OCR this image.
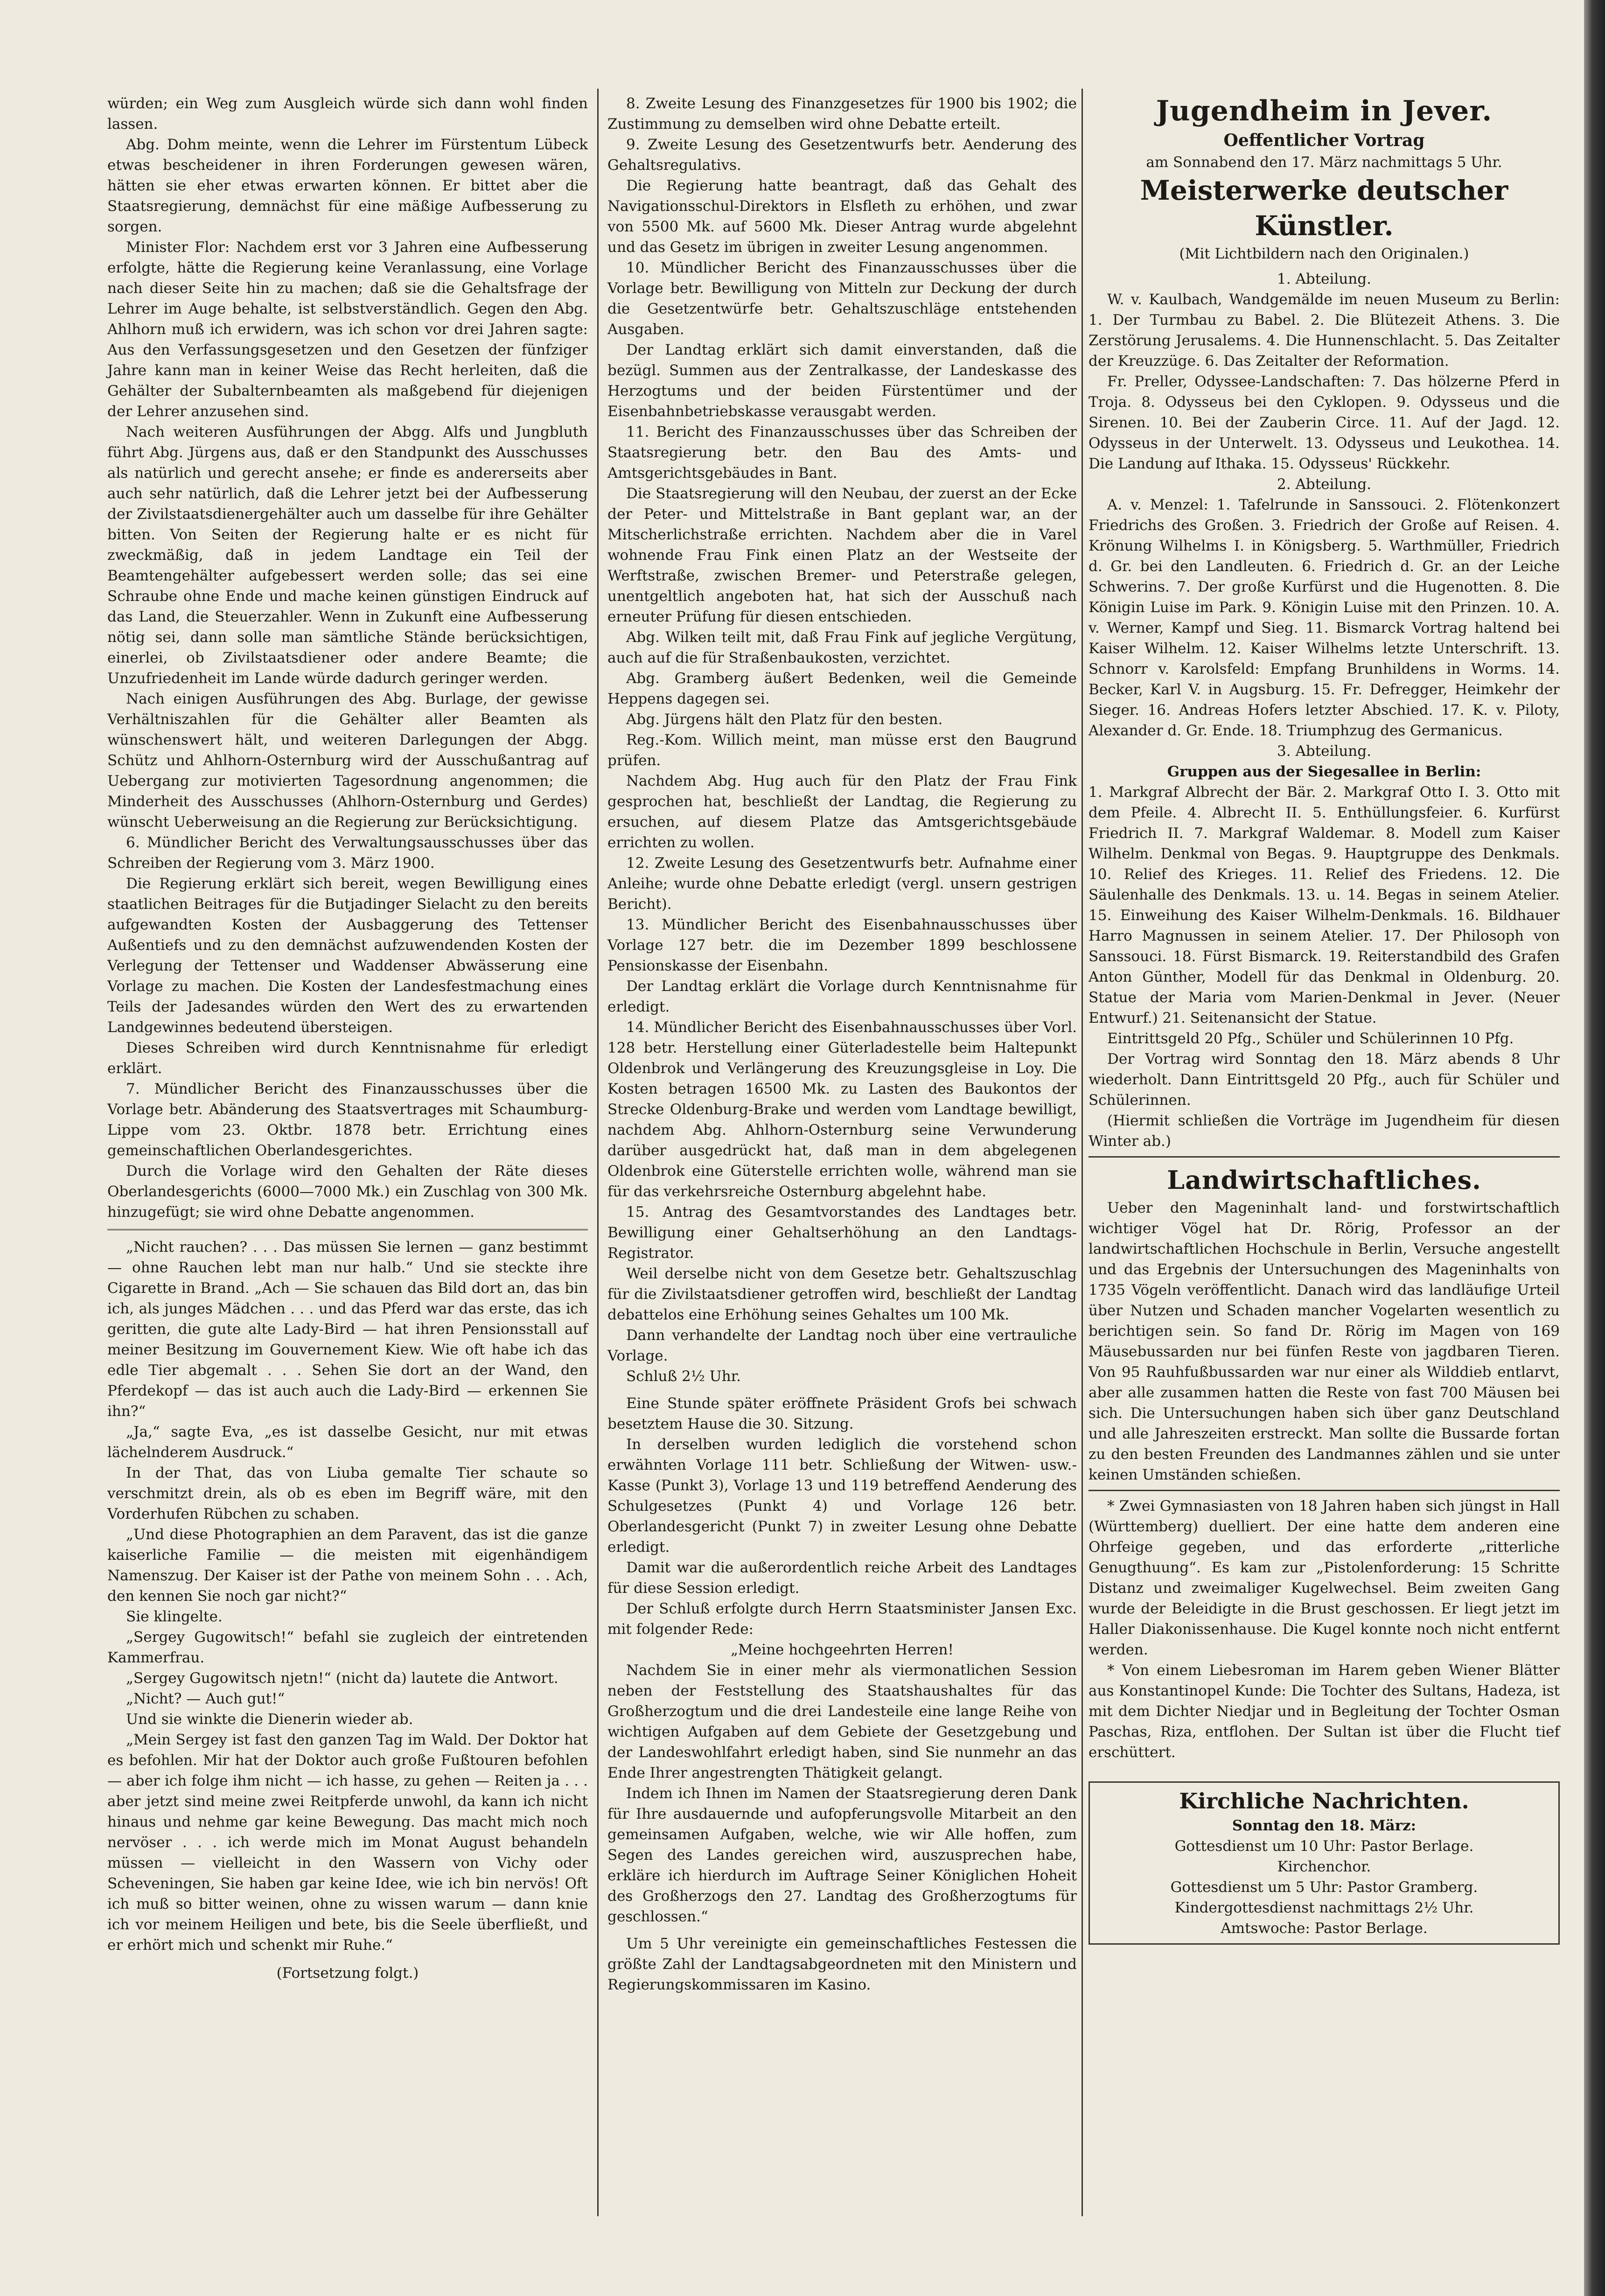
würden; ein Weg zum Ausgleich würde sich dann wohl finden lassen.

Abg. Dohm meinte, wenn die Lehrer im Fürstentum Lübeck etwas bescheidener in ihren Forderungen gewesen wären, hätten sie eher etwas erwarten können. Er bittet aber die Staatsregierung, demnächst für eine mäßige Aufbesserung zu sorgen.

Minister Flor: Nachdem erst vor 3 Jahren eine Aufbesserung erfolgte, hätte die Regierung keine Veranlassung, eine Vorlage nach dieser Seite hin zu machen; daß sie die Gehaltsfrage der Lehrer im Auge behalte, ist selbstverständlich. Gegen den Abg. Ahlhorn muß ich erwidern, was ich schon vor drei Jahren sagte: Aus den Verfassungsgesetzen und den Gesetzen der fünfziger Jahre kann man in keiner Weise das Recht herleiten, daß die Gehälter der Subalternbeamten als maßgebend für diejenigen der Lehrer anzusehen sind.

Nach weiteren Ausführungen der Abgg. Alfs und Jungbluth führt Abg. Jürgens aus, daß er den Standpunkt des Ausschusses als natürlich und gerecht ansehe; er finde es andererseits aber auch sehr natürlich, daß die Lehrer jetzt bei der Aufbesserung der Zivilstaatsdienergehälter auch um dasselbe für ihre Gehälter bitten. Von Seiten der Regierung halte er es nicht für zweckmäßig, daß in jedem Landtage ein Teil der Beamtengehälter aufgebessert werden solle; das sei eine Schraube ohne Ende und mache keinen günstigen Eindruck auf das Land, die Steuerzahler. Wenn in Zukunft eine Aufbesserung nötig sei, dann solle man sämtliche Stände berücksichtigen, einerlei, ob Zivilstaatsdiener oder andere Beamte; die Unzufriedenheit im Lande würde dadurch geringer werden.

Nach einigen Ausführungen des Abg. Burlage, der gewisse Verhältniszahlen für die Gehälter aller Beamten als wünschenswert hält, und weiteren Darlegungen der Abgg. Schütz und Ahlhorn-Osternburg wird der Ausschußantrag auf Uebergang zur motivierten Tagesordnung angenommen; die Minderheit des Ausschusses (Ahlhorn-Osternburg und Gerdes) wünscht Ueberweisung an die Regierung zur Berücksichtigung.

6. Mündlicher Bericht des Verwaltungsausschusses über das Schreiben der Regierung vom 3. März 1900.

Die Regierung erklärt sich bereit, wegen Bewilligung eines staatlichen Beitrages für die Butjadinger Sielacht zu den bereits aufgewandten Kosten der Ausbaggerung des Tettenser Außentiefs und zu den demnächst aufzuwendenden Kosten der Verlegung der Tettenser und Waddenser Abwässerung eine Vorlage zu machen. Die Kosten der Landesfestmachung eines Teils der Jadesandes würden den Wert des zu erwartenden Landgewinnes bedeutend übersteigen.

Dieses Schreiben wird durch Kenntnisnahme für erledigt erklärt.

7. Mündlicher Bericht des Finanzausschusses über die Vorlage betr. Abänderung des Staatsvertrages mit Schaumburg-Lippe vom 23. Oktbr. 1878 betr. Errichtung eines gemeinschaftlichen Oberlandesgerichtes.

Durch die Vorlage wird den Gehalten der Räte dieses Oberlandesgerichts (6000—7000 Mk.) ein Zuschlag von 300 Mk. hinzugefügt; sie wird ohne Debatte angenommen.

„Nicht rauchen? . . . Das müssen Sie lernen — ganz bestimmt — ohne Rauchen lebt man nur halb.“ Und sie steckte ihre Cigarette in Brand. „Ach — Sie schauen das Bild dort an, das bin ich, als junges Mädchen . . . und das Pferd war das erste, das ich geritten, die gute alte Lady-Bird — hat ihren Pensionsstall auf meiner Besitzung im Gouvernement Kiew. Wie oft habe ich das edle Tier abgemalt . . . Sehen Sie dort an der Wand, den Pferdekopf — das ist auch auch die Lady-Bird — erkennen Sie ihn?“

„Ja,“ sagte Eva, „es ist dasselbe Gesicht, nur mit etwas lächelnderem Ausdruck.“

In der That, das von Liuba gemalte Tier schaute so verschmitzt drein, als ob es eben im Begriff wäre, mit den Vorderhufen Rübchen zu schaben.

„Und diese Photographien an dem Paravent, das ist die ganze kaiserliche Familie — die meisten mit eigenhändigem Namenszug. Der Kaiser ist der Pathe von meinem Sohn . . . Ach, den kennen Sie noch gar nicht?“

Sie klingelte.

„Sergey Gugowitsch!“ befahl sie zugleich der eintretenden Kammerfrau.

„Sergey Gugowitsch njetn!“ (nicht da) lautete die Antwort.

„Nicht? — Auch gut!“

Und sie winkte die Dienerin wieder ab.

„Mein Sergey ist fast den ganzen Tag im Wald. Der Doktor hat es befohlen. Mir hat der Doktor auch große Fußtouren befohlen — aber ich folge ihm nicht — ich hasse, zu gehen — Reiten ja . . . aber jetzt sind meine zwei Reitpferde unwohl, da kann ich nicht hinaus und nehme gar keine Bewegung. Das macht mich noch nervöser . . . ich werde mich im Monat August behandeln müssen — vielleicht in den Wassern von Vichy oder Scheveningen, Sie haben gar keine Idee, wie ich bin nervös! Oft ich muß so bitter weinen, ohne zu wissen warum — dann knie ich vor meinem Heiligen und bete, bis die Seele überfließt, und er erhört mich und schenkt mir Ruhe.“

(Fortsetzung folgt.)

8. Zweite Lesung des Finanzgesetzes für 1900 bis 1902; die Zustimmung zu demselben wird ohne Debatte erteilt.

9. Zweite Lesung des Gesetzentwurfs betr. Aenderung des Gehaltsregulativs.

Die Regierung hatte beantragt, daß das Gehalt des Navigationsschul-Direktors in Elsfleth zu erhöhen, und zwar von 5500 Mk. auf 5600 Mk. Dieser Antrag wurde abgelehnt und das Gesetz im übrigen in zweiter Lesung angenommen.

10. Mündlicher Bericht des Finanzausschusses über die Vorlage betr. Bewilligung von Mitteln zur Deckung der durch die Gesetzentwürfe betr. Gehaltszuschläge entstehenden Ausgaben.

Der Landtag erklärt sich damit einverstanden, daß die bezügl. Summen aus der Zentralkasse, der Landeskasse des Herzogtums und der beiden Fürstentümer und der Eisenbahnbetriebskasse verausgabt werden.

11. Bericht des Finanzausschusses über das Schreiben der Staatsregierung betr. den Bau des Amts- und Amtsgerichtsgebäudes in Bant.

Die Staatsregierung will den Neubau, der zuerst an der Ecke der Peter- und Mittelstraße in Bant geplant war, an der Mitscherlichstraße errichten. Nachdem aber die in Varel wohnende Frau Fink einen Platz an der Westseite der Werftstraße, zwischen Bremer- und Peterstraße gelegen, unentgeltlich angeboten hat, hat sich der Ausschuß nach erneuter Prüfung für diesen entschieden.

Abg. Wilken teilt mit, daß Frau Fink auf jegliche Vergütung, auch auf die für Straßenbaukosten, verzichtet.

Abg. Gramberg äußert Bedenken, weil die Gemeinde Heppens dagegen sei.

Abg. Jürgens hält den Platz für den besten.

Reg.-Kom. Willich meint, man müsse erst den Baugrund prüfen.

Nachdem Abg. Hug auch für den Platz der Frau Fink gesprochen hat, beschließt der Landtag, die Regierung zu ersuchen, auf diesem Platze das Amtsgerichtsgebäude errichten zu wollen.

12. Zweite Lesung des Gesetzentwurfs betr. Aufnahme einer Anleihe; wurde ohne Debatte erledigt (vergl. unsern gestrigen Bericht).

13. Mündlicher Bericht des Eisenbahnausschusses über Vorlage 127 betr. die im Dezember 1899 beschlossene Pensionskasse der Eisenbahn.

Der Landtag erklärt die Vorlage durch Kenntnisnahme für erledigt.

14. Mündlicher Bericht des Eisenbahnausschusses über Vorl. 128 betr. Herstellung einer Güterladestelle beim Haltepunkt Oldenbrok und Verlängerung des Kreuzungsgleise in Loy. Die Kosten betragen 16500 Mk. zu Lasten des Baukontos der Strecke Oldenburg-Brake und werden vom Landtage bewilligt, nachdem Abg. Ahlhorn-Osternburg seine Verwunderung darüber ausgedrückt hat, daß man in dem abgelegenen Oldenbrok eine Güterstelle errichten wolle, während man sie für das verkehrsreiche Osternburg abgelehnt habe.

15. Antrag des Gesamtvorstandes des Landtages betr. Bewilligung einer Gehaltserhöhung an den Landtags-Registrator.

Weil derselbe nicht von dem Gesetze betr. Gehaltszuschlag für die Zivilstaatsdiener getroffen wird, beschließt der Landtag debattelos eine Erhöhung seines Gehaltes um 100 Mk.

Dann verhandelte der Landtag noch über eine vertrauliche Vorlage.

Schluß 2½ Uhr.

Eine Stunde später eröffnete Präsident Grofs bei schwach besetztem Hause die 30. Sitzung.

In derselben wurden lediglich die vorstehend schon erwähnten Vorlage 111 betr. Schließung der Witwen- usw.-Kasse (Punkt 3), Vorlage 13 und 119 betreffend Aenderung des Schulgesetzes (Punkt 4) und Vorlage 126 betr. Oberlandesgericht (Punkt 7) in zweiter Lesung ohne Debatte erledigt.

Damit war die außerordentlich reiche Arbeit des Landtages für diese Session erledigt.

Der Schluß erfolgte durch Herrn Staatsminister Jansen Exc. mit folgender Rede:

„Meine hochgeehrten Herren!

Nachdem Sie in einer mehr als viermonatlichen Session neben der Feststellung des Staatshaushaltes für das Großherzogtum und die drei Landesteile eine lange Reihe von wichtigen Aufgaben auf dem Gebiete der Gesetzgebung und der Landeswohlfahrt erledigt haben, sind Sie nunmehr an das Ende Ihrer angestrengten Thätigkeit gelangt.

Indem ich Ihnen im Namen der Staatsregierung deren Dank für Ihre ausdauernde und aufopferungsvolle Mitarbeit an den gemeinsamen Aufgaben, welche, wie wir Alle hoffen, zum Segen des Landes gereichen wird, auszusprechen habe, erkläre ich hierdurch im Auftrage Seiner Königlichen Hoheit des Großherzogs den 27. Landtag des Großherzogtums für geschlossen.“

Um 5 Uhr vereinigte ein gemeinschaftliches Festessen die größte Zahl der Landtagsabgeordneten mit den Ministern und Regierungskommissaren im Kasino.

Jugendheim in Jever.
Oeffentlicher Vortrag
am Sonnabend den 17. März nachmittags 5 Uhr.
Meisterwerke deutscher Künstler.
(Mit Lichtbildern nach den Originalen.)
1. Abteilung.

W. v. Kaulbach, Wandgemälde im neuen Museum zu Berlin: 1. Der Turmbau zu Babel. 2. Die Blütezeit Athens. 3. Die Zerstörung Jerusalems. 4. Die Hunnenschlacht. 5. Das Zeitalter der Kreuzzüge. 6. Das Zeitalter der Reformation.

Fr. Preller, Odyssee-Landschaften: 7. Das hölzerne Pferd in Troja. 8. Odysseus bei den Cyklopen. 9. Odysseus und die Sirenen. 10. Bei der Zauberin Circe. 11. Auf der Jagd. 12. Odysseus in der Unterwelt. 13. Odysseus und Leukothea. 14. Die Landung auf Ithaka. 15. Odysseus' Rückkehr.

2. Abteilung.

A. v. Menzel: 1. Tafelrunde in Sanssouci. 2. Flötenkonzert Friedrichs des Großen. 3. Friedrich der Große auf Reisen. 4. Krönung Wilhelms I. in Königsberg. 5. Warthmüller, Friedrich d. Gr. bei den Landleuten. 6. Friedrich d. Gr. an der Leiche Schwerins. 7. Der große Kurfürst und die Hugenotten. 8. Die Königin Luise im Park. 9. Königin Luise mit den Prinzen. 10. A. v. Werner, Kampf und Sieg. 11. Bismarck Vortrag haltend bei Kaiser Wilhelm. 12. Kaiser Wilhelms letzte Unterschrift. 13. Schnorr v. Karolsfeld: Empfang Brunhildens in Worms. 14. Becker, Karl V. in Augsburg. 15. Fr. Defregger, Heimkehr der Sieger. 16. Andreas Hofers letzter Abschied. 17. K. v. Piloty, Alexander d. Gr. Ende. 18. Triumphzug des Germanicus.

3. Abteilung.
Gruppen aus der Siegesallee in Berlin:

1. Markgraf Albrecht der Bär. 2. Markgraf Otto I. 3. Otto mit dem Pfeile. 4. Albrecht II. 5. Enthüllungsfeier. 6. Kurfürst Friedrich II. 7. Markgraf Waldemar. 8. Modell zum Kaiser Wilhelm. Denkmal von Begas. 9. Hauptgruppe des Denkmals. 10. Relief des Krieges. 11. Relief des Friedens. 12. Die Säulenhalle des Denkmals. 13. u. 14. Begas in seinem Atelier. 15. Einweihung des Kaiser Wilhelm-Denkmals. 16. Bildhauer Harro Magnussen in seinem Atelier. 17. Der Philosoph von Sanssouci. 18. Fürst Bismarck. 19. Reiterstandbild des Grafen Anton Günther, Modell für das Denkmal in Oldenburg. 20. Statue der Maria vom Marien-Denkmal in Jever. (Neuer Entwurf.) 21. Seitenansicht der Statue.

Eintrittsgeld 20 Pfg., Schüler und Schülerinnen 10 Pfg.

Der Vortrag wird Sonntag den 18. März abends 8 Uhr wiederholt. Dann Eintrittsgeld 20 Pfg., auch für Schüler und Schülerinnen.

(Hiermit schließen die Vorträge im Jugendheim für diesen Winter ab.)

Landwirtschaftliches.

Ueber den Mageninhalt land- und forstwirtschaftlich wichtiger Vögel hat Dr. Rörig, Professor an der landwirtschaftlichen Hochschule in Berlin, Versuche angestellt und das Ergebnis der Untersuchungen des Mageninhalts von 1735 Vögeln veröffentlicht. Danach wird das landläufige Urteil über Nutzen und Schaden mancher Vogelarten wesentlich zu berichtigen sein. So fand Dr. Rörig im Magen von 169 Mäusebussarden nur bei fünfen Reste von jagdbaren Tieren. Von 95 Rauhfußbussarden war nur einer als Wilddieb entlarvt, aber alle zusammen hatten die Reste von fast 700 Mäusen bei sich. Die Untersuchungen haben sich über ganz Deutschland und alle Jahreszeiten erstreckt. Man sollte die Bussarde fortan zu den besten Freunden des Landmannes zählen und sie unter keinen Umständen schießen.

* Zwei Gymnasiasten von 18 Jahren haben sich jüngst in Hall (Württemberg) duelliert. Der eine hatte dem anderen eine Ohrfeige gegeben, und das erforderte „ritterliche Genugthuung“. Es kam zur „Pistolenforderung: 15 Schritte Distanz und zweimaliger Kugelwechsel. Beim zweiten Gang wurde der Beleidigte in die Brust geschossen. Er liegt jetzt im Haller Diakonissenhause. Die Kugel konnte noch nicht entfernt werden.

* Von einem Liebesroman im Harem geben Wiener Blätter aus Konstantinopel Kunde: Die Tochter des Sultans, Hadeza, ist mit dem Dichter Niedjar und in Begleitung der Tochter Osman Paschas, Riza, entflohen. Der Sultan ist über die Flucht tief erschüttert.

Kirchliche Nachrichten.
Sonntag den 18. März:
Gottesdienst um 10 Uhr: Pastor Berlage.
Kirchenchor.
Gottesdienst um 5 Uhr: Pastor Gramberg.
Kindergottesdienst nachmittags 2½ Uhr.
Amtswoche: Pastor Berlage.
